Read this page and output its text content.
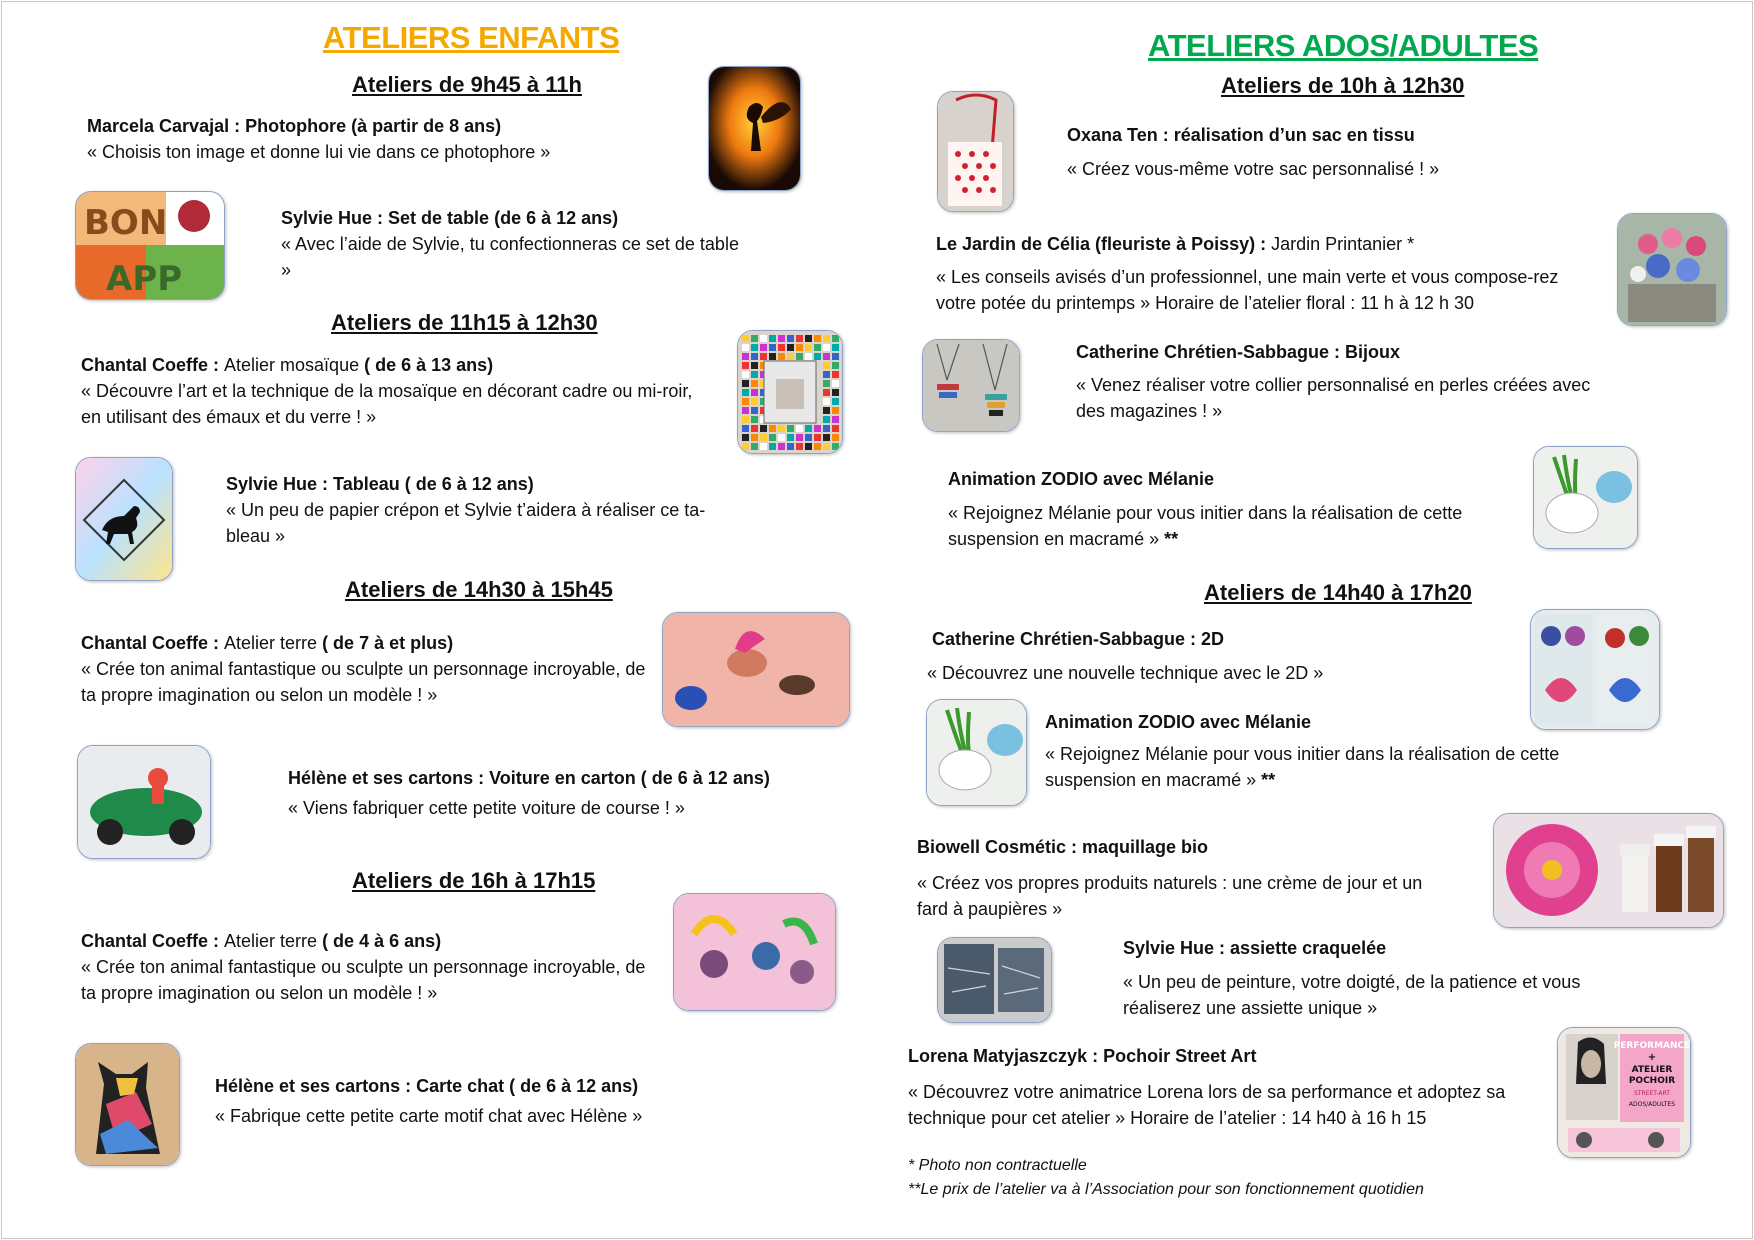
ATELIERS ENFANTS
Ateliers de 9h45 à 11h
Marcela Carvajal : Photophore (à partir de 8 ans)
« Choisis ton image et donne lui vie dans ce photophore »
Sylvie Hue : Set de table (de 6 à 12 ans)
« Avec l’aide de Sylvie, tu confectionneras ce set de table »
Ateliers de 11h15 à 12h30
Chantal Coeffe : Atelier mosaïque ( de 6 à 13 ans)
« Découvre l’art et la technique de la mosaïque en décorant cadre ou mi-roir, en utilisant des émaux et du verre ! »
Sylvie Hue : Tableau ( de 6 à 12 ans)
« Un peu de papier crépon et Sylvie t’aidera à réaliser ce ta-bleau »
Ateliers de 14h30 à 15h45
Chantal Coeffe : Atelier terre ( de 7 à et plus)
« Crée ton animal fantastique ou sculpte un personnage incroyable, de ta propre imagination ou selon un modèle ! »
Hélène et ses cartons : Voiture en carton ( de 6 à 12 ans)
« Viens fabriquer cette petite voiture de course ! »
Ateliers de 16h à 17h15
Chantal Coeffe : Atelier terre ( de 4 à 6 ans)
« Crée ton animal fantastique ou sculpte un personnage incroyable, de ta propre imagination ou selon un modèle ! »
Hélène et ses cartons : Carte chat ( de 6 à 12 ans)
« Fabrique cette petite carte motif chat avec Hélène »
BON
APP
ATELIERS ADOS/ADULTES
Ateliers de 10h à 12h30
Oxana Ten : réalisation d’un sac en tissu
« Créez vous-même votre sac personnalisé ! »
Le Jardin de Célia (fleuriste à Poissy) : Jardin Printanier *
« Les conseils avisés d’un professionnel, une main verte et vous compose-rez votre potée du printemps » Horaire de l’atelier floral : 11 h à 12 h 30
Catherine Chrétien-Sabbague : Bijoux
« Venez réaliser votre collier personnalisé en perles créées avec des magazines ! »
Animation ZODIO avec Mélanie
« Rejoignez Mélanie pour vous initier dans la réalisation de cette suspension en macramé » **
Ateliers de 14h40 à 17h20
Catherine Chrétien-Sabbague : 2D
« Découvrez une nouvelle technique avec le 2D »
Animation ZODIO avec Mélanie
« Rejoignez Mélanie pour vous initier dans la réalisation de cette suspension en macramé » **
Biowell Cosmétic : maquillage bio
« Créez vos propres produits naturels : une crème de jour et un fard à paupières »
Sylvie Hue : assiette craquelée
« Un peu de peinture, votre doigté, de la patience et vous réaliserez une assiette unique »
Lorena Matyjaszczyk : Pochoir Street Art
« Découvrez votre animatrice Lorena lors de sa performance et adoptez sa technique pour cet atelier » Horaire de l’atelier : 14 h40 à 16 h 15
* Photo non contractuelle
**Le prix de l’atelier va à l’Association pour son fonctionnement quotidien
PERFORMANCE
+
ATELIER
POCHOIR
STREET-ART
ADOS/ADULTES
